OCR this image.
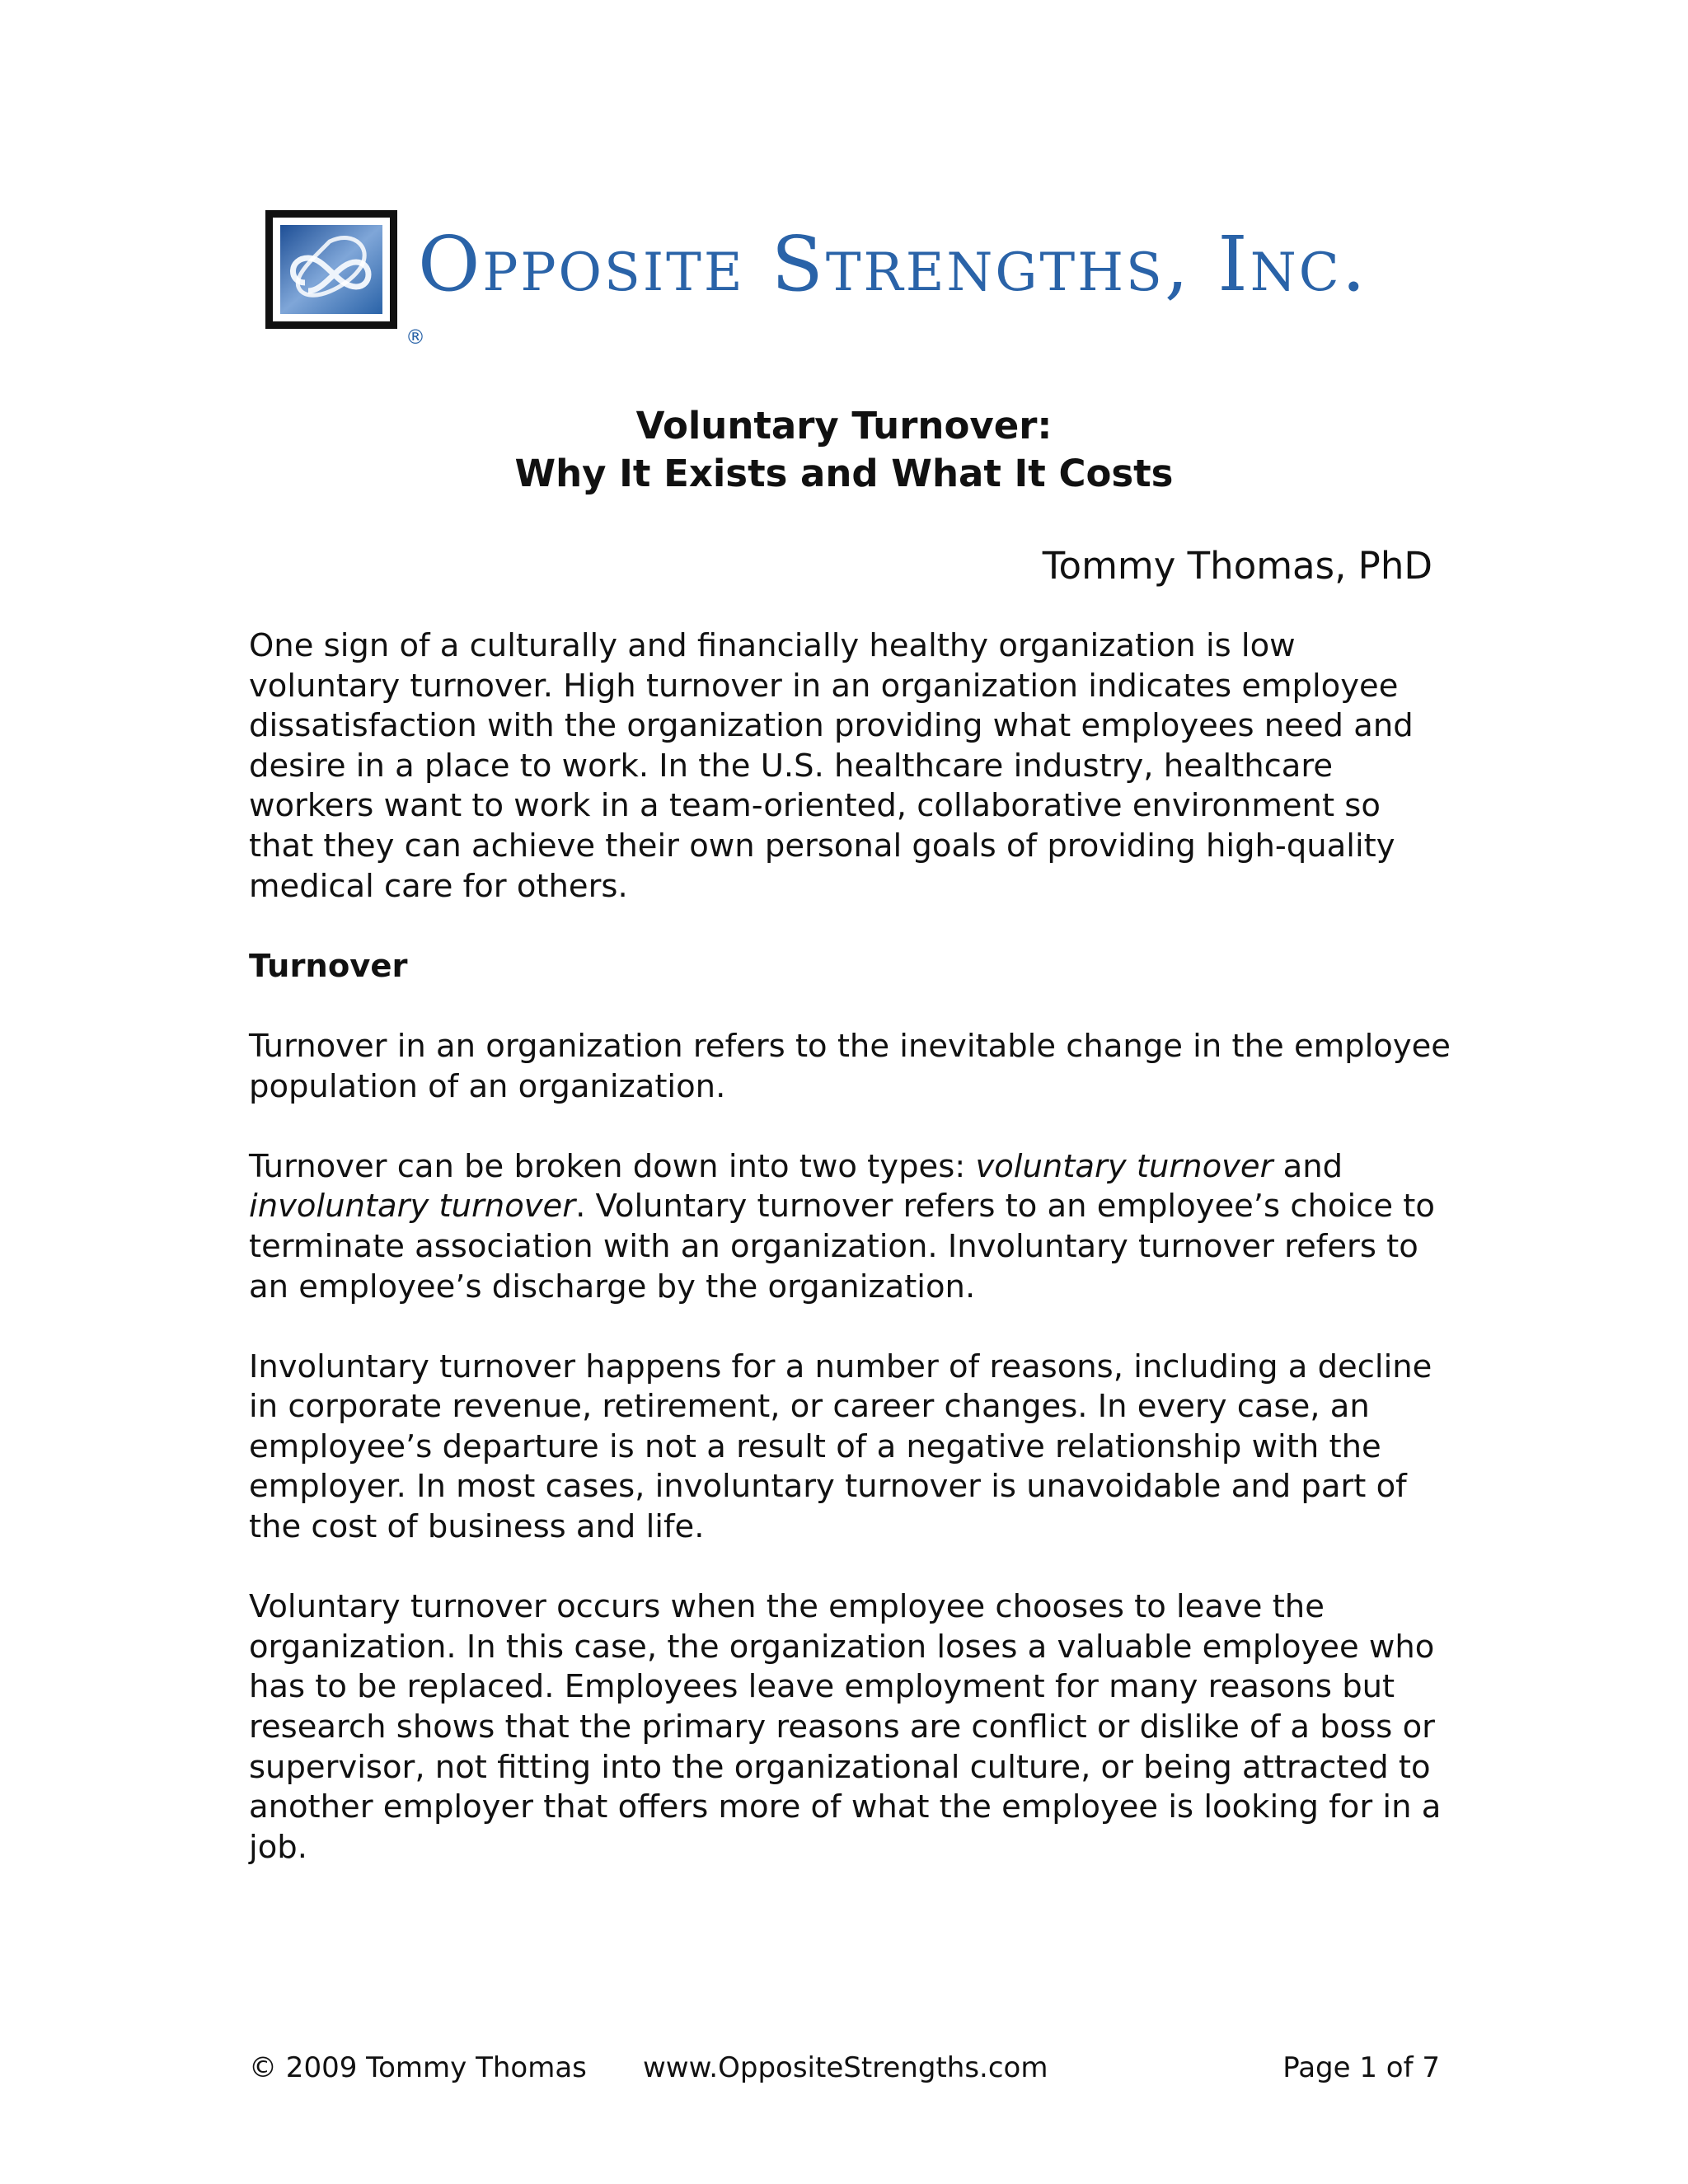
Opposite Strengths, Inc.
®
Voluntary Turnover:
Why It Exists and What It Costs
Tommy Thomas, PhD

One sign of a culturally and financially healthy organization is low voluntary turnover. High turnover in an organization indicates employee dissatisfaction with the organization providing what employees need and desire in a place to work. In the U.S. healthcare industry, healthcare workers want to work in a team-oriented, collaborative environment so that they can achieve their own personal goals of providing high-quality medical care for others.

Turnover

Turnover in an organization refers to the inevitable change in the employee population of an organization.

Turnover can be broken down into two types: voluntary turnover and involuntary turnover. Voluntary turnover refers to an employee’s choice to terminate association with an organization. Involuntary turnover refers to an employee’s discharge by the organization.

Involuntary turnover happens for a number of reasons, including a decline in corporate revenue, retirement, or career changes. In every case, an employee’s departure is not a result of a negative relationship with the employer. In most cases, involuntary turnover is unavoidable and part of the cost of business and life.

Voluntary turnover occurs when the employee chooses to leave the organization. In this case, the organization loses a valuable employee who has to be replaced. Employees leave employment for many reasons but research shows that the primary reasons are conflict or dislike of a boss or supervisor, not fitting into the organizational culture, or being attracted to another employer that offers more of what the employee is looking for in a job.

© 2009 Tommy Thomas www.OppositeStrengths.com	Page 1 of 7
